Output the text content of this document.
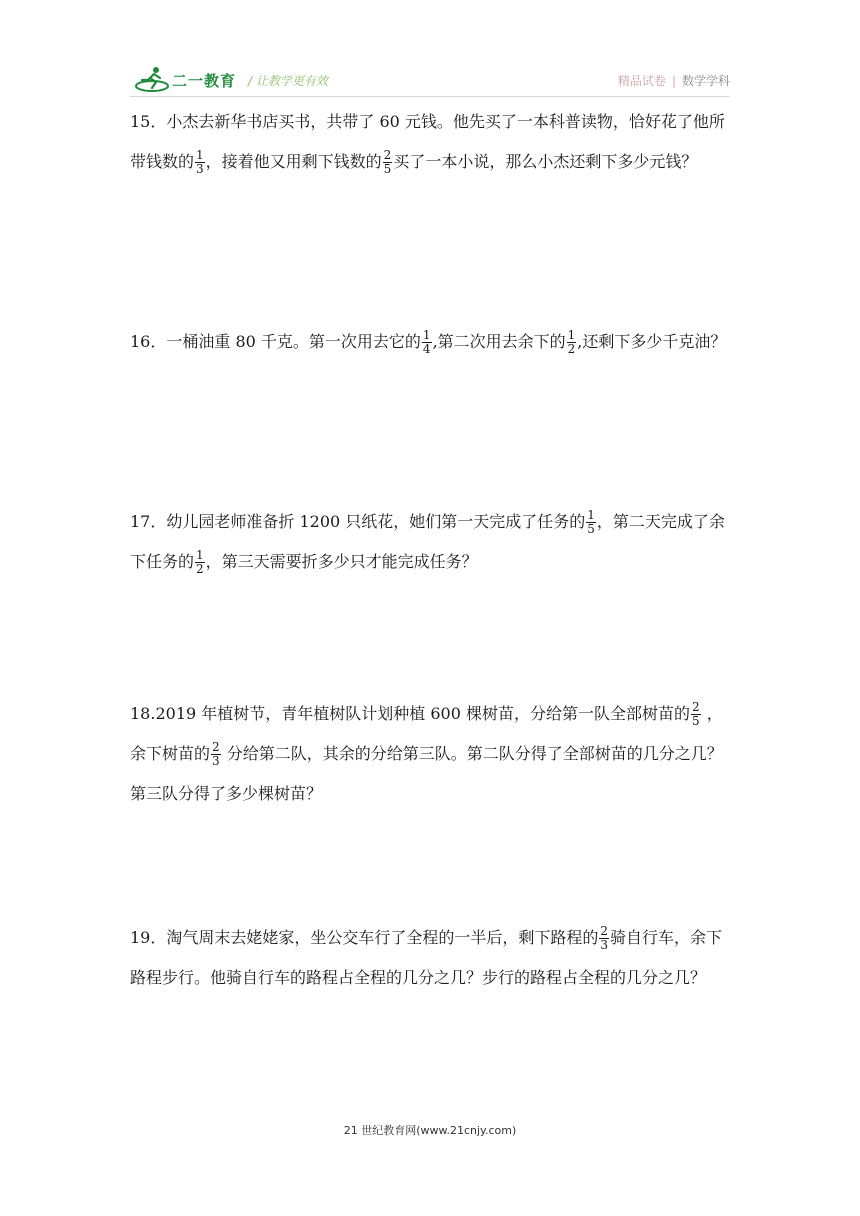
二一教育 / 让教学更有效	精品试卷 | 数学学科
15．小杰去新华书店买书，共带了 60 元钱。他先买了一本科普读物，恰好花了他所带钱数的 $\frac{1}{3}$ ，接着他又用剩下钱数的 $\frac{2}{5}$ 买了一本小说，那么小杰还剩下多少元钱？
16．一桶油重 80 千克。第一次用去它的 $\frac{1}{4}$ ,第二次用去余下的 $\frac{1}{2}$ ,还剩下多少千克油？
17．幼儿园老师准备折 1200 只纸花，她们第一天完成了任务的 $\frac{1}{5}$ ，第二天完成了余下任务的 $\frac{1}{2}$ ，第三天需要折多少只才能完成任务？
18.2019 年植树节，青年植树队计划种植 600 棵树苗，分给第一队全部树苗的 $\frac{2}{5}$ ，余下树苗的 $\frac{2}{3}$ 分给第二队，其余的分给第三队。第二队分得了全部树苗的几分之几？第三队分得了多少棵树苗？
19．淘气周末去姥姥家，坐公交车行了全程的一半后，剩下路程的 $\frac{2}{3}$ 骑自行车，余下路程步行。他骑自行车的路程占全程的几分之几？步行的路程占全程的几分之几？
21 世纪教育网(www.21cnjy.com)
